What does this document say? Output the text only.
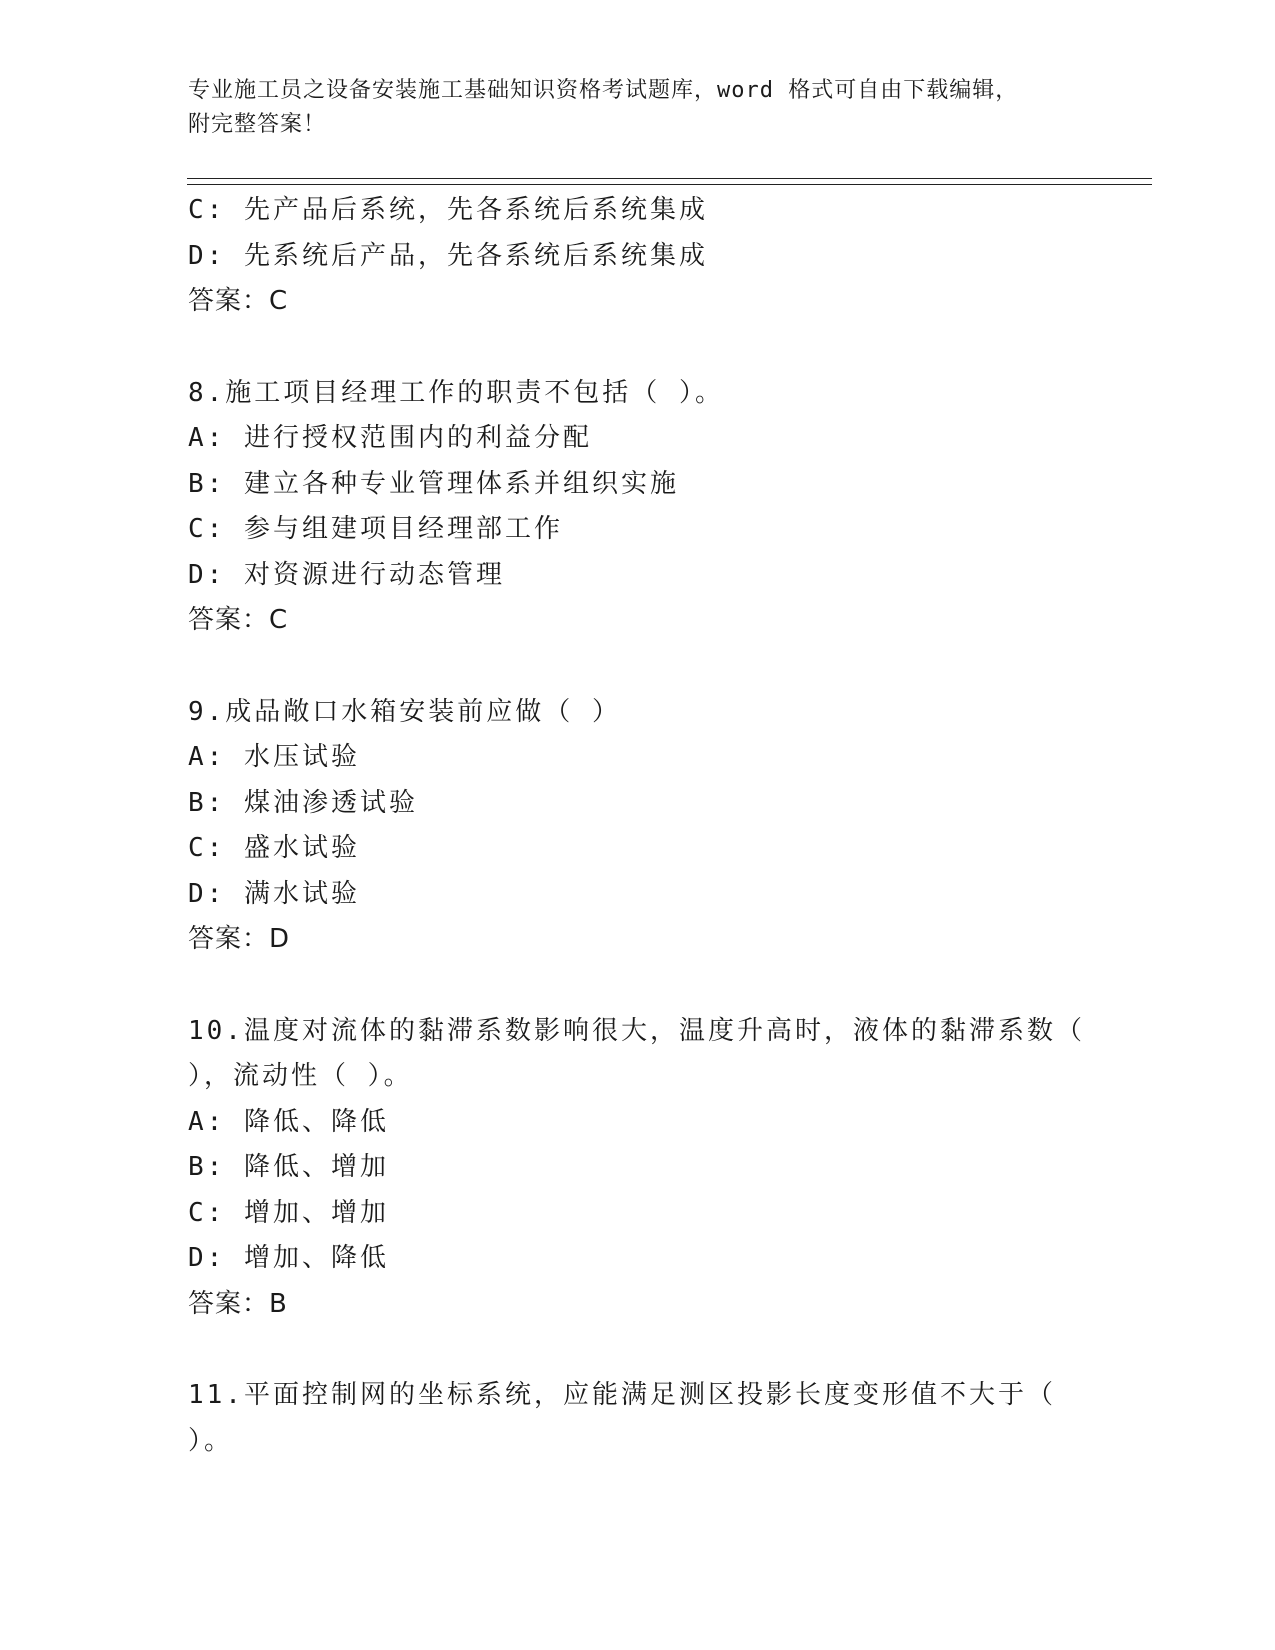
专业施工员之设备安装施工基础知识资格考试题库，word 格式可自由下载编辑，
附完整答案！
C: 先产品后系统，先各系统后系统集成
D: 先系统后产品，先各系统后系统集成
答案：C
8.施工项目经理工作的职责不包括（ ）。
A: 进行授权范围内的利益分配
B: 建立各种专业管理体系并组织实施
C: 参与组建项目经理部工作
D: 对资源进行动态管理
答案：C
9.成品敞口水箱安装前应做（ ）
A: 水压试验
B: 煤油渗透试验
C: 盛水试验
D: 满水试验
答案：D
10.温度对流体的黏滞系数影响很大，温度升高时，液体的黏滞系数（
），流动性（ ）。
A: 降低、降低
B: 降低、增加
C: 增加、增加
D: 增加、降低
答案：B
11.平面控制网的坐标系统，应能满足测区投影长度变形值不大于（
）。
